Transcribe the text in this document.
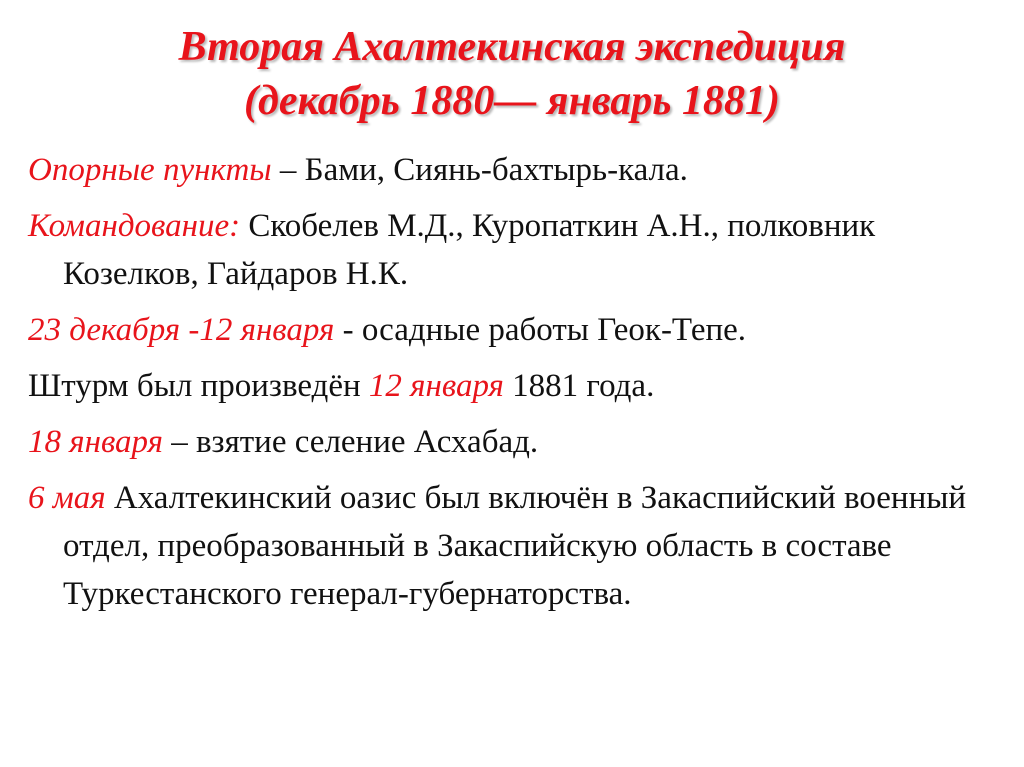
Вторая Ахалтекинская экспедиция
(декабрь 1880— январь 1881)

Опорные пункты – Бами, Сиянь-бахтырь-кала.

Командование: Скобелев М.Д., Куропаткин А.Н., полковник Козелков, Гайдаров Н.К.

23 декабря -12 января - осадные работы Геок-Тепе.

Штурм был произведён 12 января 1881 года.

18 января – взятие селение Асхабад.

6 мая Ахалтекинский оазис был включён в Закаспийский военный отдел, преобразованный в Закаспийскую область в составе Туркестанского генерал-губернаторства.
